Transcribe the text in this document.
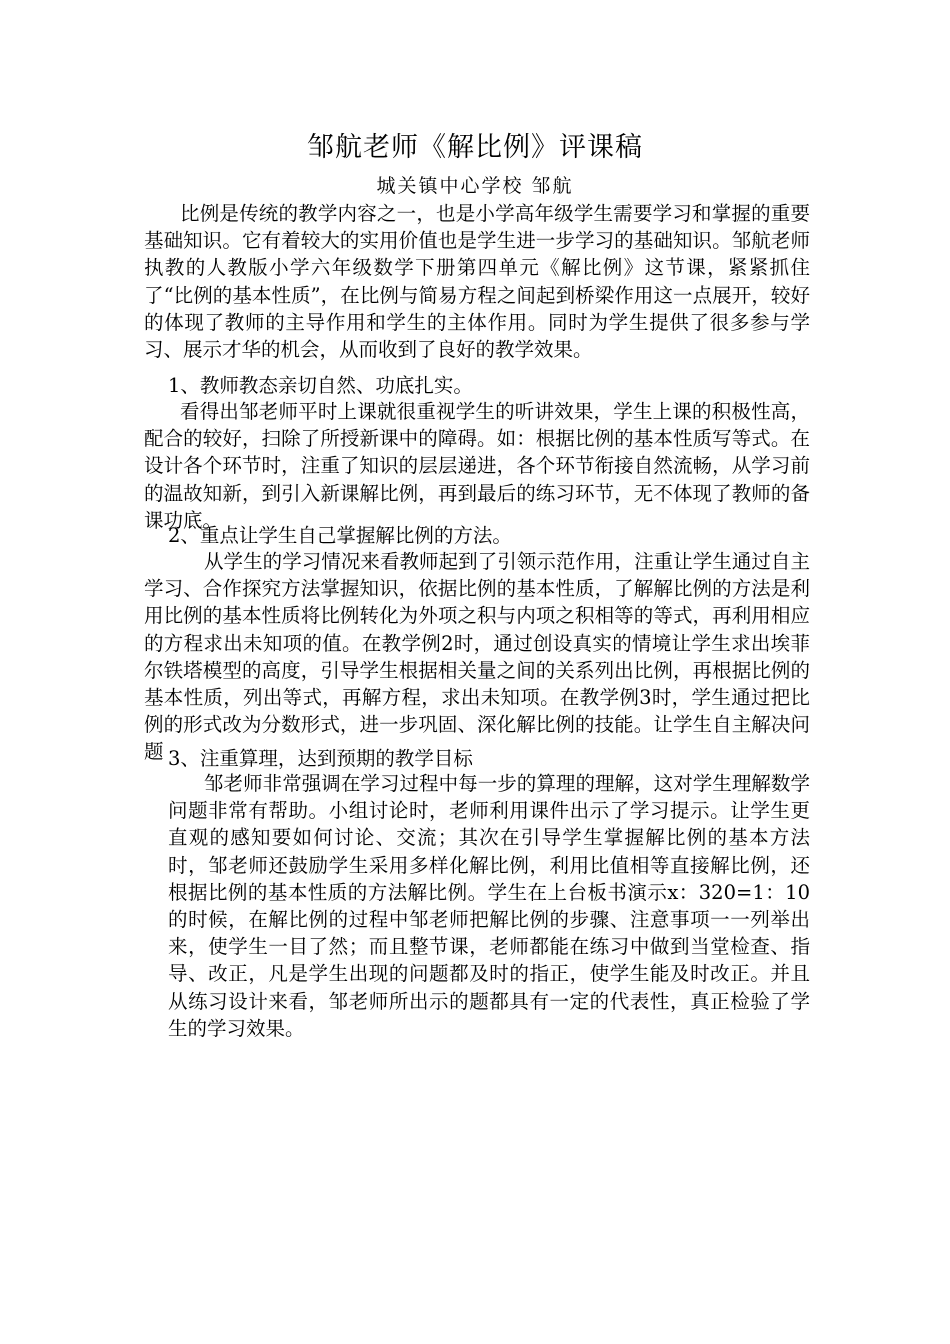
邹航老师《解比例》评课稿
城关镇中心学校 邹航

比例是传统的教学内容之一，也是小学高年级学生需要学习和掌握的重要基础知识。它有着较大的实用价值也是学生进一步学习的基础知识。邹航老师执教的人教版小学六年级数学下册第四单元《解比例》这节课，紧紧抓住了“比例的基本性质”，在比例与简易方程之间起到桥梁作用这一点展开，较好的体现了教师的主导作用和学生的主体作用。同时为学生提供了很多参与学习、展示才华的机会，从而收到了良好的教学效果。

1、教师教态亲切自然、功底扎实。

看得出邹老师平时上课就很重视学生的听讲效果，学生上课的积极性高，配合的较好，扫除了所授新课中的障碍。如：根据比例的基本性质写等式。在设计各个环节时，注重了知识的层层递进，各个环节衔接自然流畅，从学习前的温故知新，到引入新课解比例，再到最后的练习环节，无不体现了教师的备课功底。

2、重点让学生自己掌握解比例的方法。

从学生的学习情况来看教师起到了引领示范作用，注重让学生通过自主学习、合作探究方法掌握知识，依据比例的基本性质，了解解比例的方法是利用比例的基本性质将比例转化为外项之积与内项之积相等的等式，再利用相应的方程求出未知项的值。在教学例2时，通过创设真实的情境让学生求出埃菲尔铁塔模型的高度，引导学生根据相关量之间的关系列出比例，再根据比例的基本性质，列出等式，再解方程，求出未知项。在教学例3时，学生通过把比例的形式改为分数形式，进一步巩固、深化解比例的技能。让学生自主解决问题 3、注重算理，达到预期的教学目标

邹老师非常强调在学习过程中每一步的算理的理解，这对学生理解数学问题非常有帮助。小组讨论时，老师利用课件出示了学习提示。让学生更直观的感知要如何讨论、交流；其次在引导学生掌握解比例的基本方法时，邹老师还鼓励学生采用多样化解比例，利用比值相等直接解比例，还根据比例的基本性质的方法解比例。学生在上台板书演示x：320=1：10的时候，在解比例的过程中邹老师把解比例的步骤、注意事项一一列举出来，使学生一目了然；而且整节课，老师都能在练习中做到当堂检查、指导、改正，凡是学生出现的问题都及时的指正，使学生能及时改正。并且从练习设计来看，邹老师所出示的题都具有一定的代表性，真正检验了学生的学习效果。
